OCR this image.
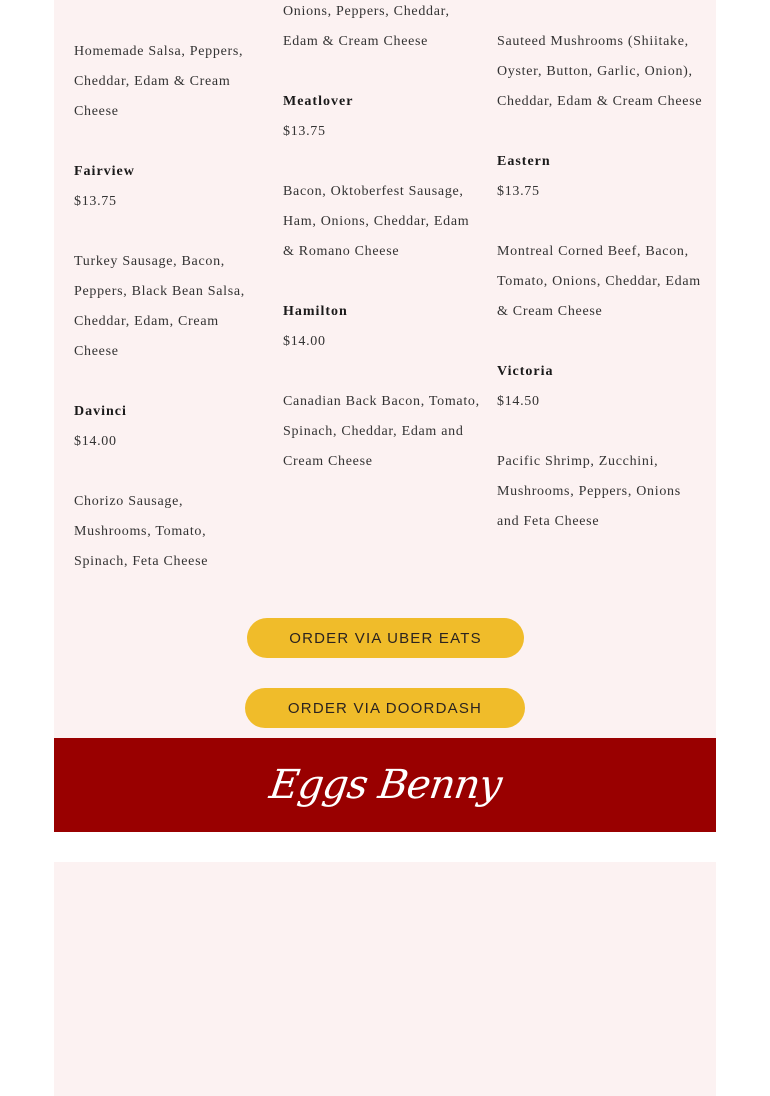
Homemade Salsa, Peppers, Cheddar, Edam & Cream Cheese

Fairview

$13.75

Turkey Sausage, Bacon, Peppers, Black Bean Salsa, Cheddar, Edam, Cream Cheese

Davinci

$14.00

Chorizo Sausage, Mushrooms, Tomato, Spinach, Feta Cheese

Onions, Peppers, Cheddar, Edam & Cream Cheese

Meatlover

$13.75

Bacon, Oktoberfest Sausage, Ham, Onions, Cheddar, Edam & Romano Cheese

Hamilton

$14.00

Canadian Back Bacon, Tomato, Spinach, Cheddar, Edam and Cream Cheese

Sauteed Mushrooms (Shiitake, Oyster, Button, Garlic, Onion), Cheddar, Edam & Cream Cheese

Eastern

$13.75

Montreal Corned Beef, Bacon, Tomato, Onions, Cheddar, Edam & Cream Cheese

Victoria

$14.50

Pacific Shrimp, Zucchini, Mushrooms, Peppers, Onions and Feta Cheese

ORDER VIA UBER EATS
ORDER VIA DOORDASH
Eggs Benny
